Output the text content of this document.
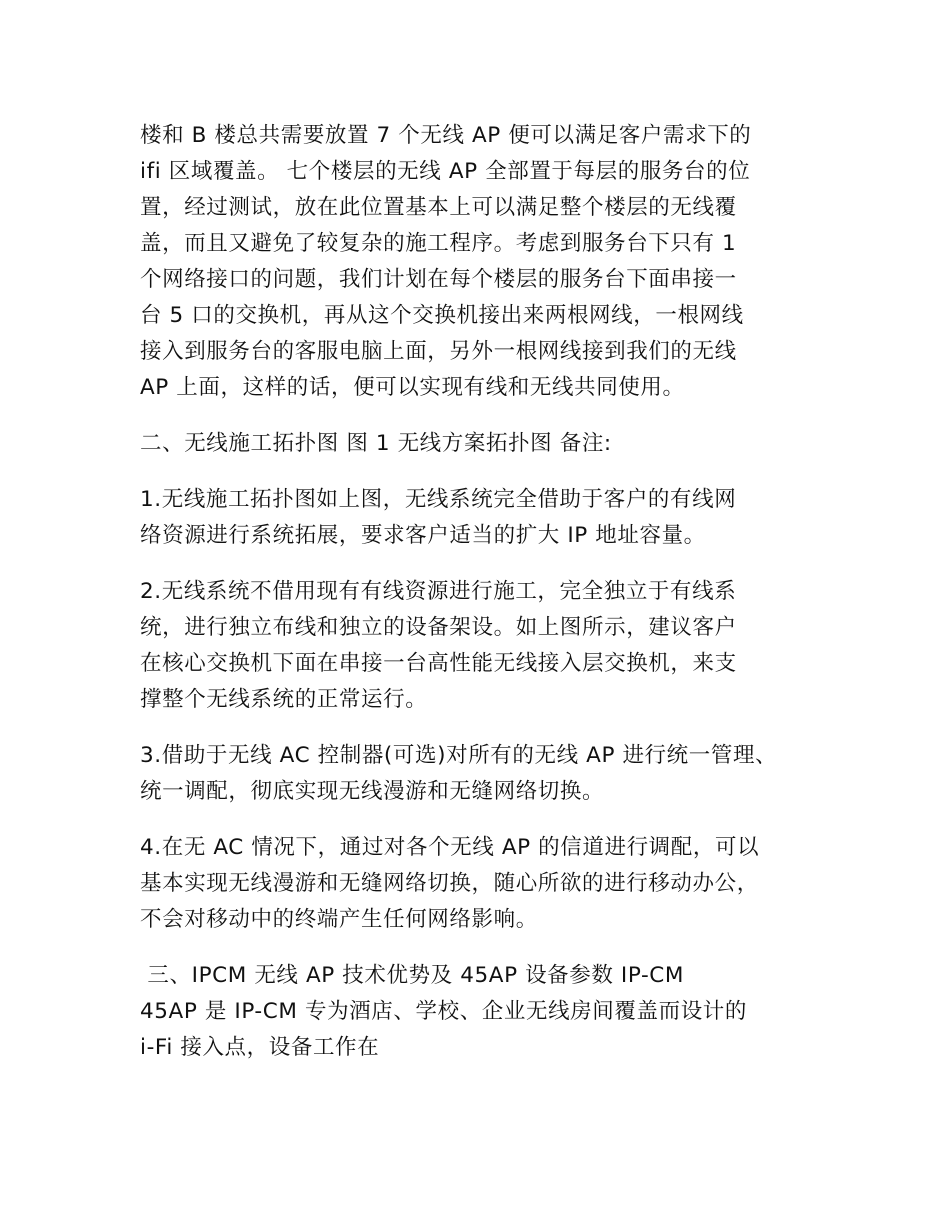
楼和 B 楼总共需要放置 7 个无线 AP 便可以满足客户需求下的
ifi 区域覆盖。 七个楼层的无线 AP 全部置于每层的服务台的位
置，经过测试，放在此位置基本上可以满足整个楼层的无线覆
盖，而且又避免了较复杂的施工程序。考虑到服务台下只有 1
个网络接口的问题，我们计划在每个楼层的服务台下面串接一
台 5 口的交换机，再从这个交换机接出来两根网线，一根网线
接入到服务台的客服电脑上面，另外一根网线接到我们的无线
AP 上面，这样的话，便可以实现有线和无线共同使用。

二、无线施工拓扑图 图 1 无线方案拓扑图 备注:

1.无线施工拓扑图如上图，无线系统完全借助于客户的有线网
络资源进行系统拓展，要求客户适当的扩大 IP 地址容量。

2.无线系统不借用现有有线资源进行施工，完全独立于有线系
统，进行独立布线和独立的设备架设。如上图所示，建议客户
在核心交换机下面在串接一台高性能无线接入层交换机，来支
撑整个无线系统的正常运行。

3.借助于无线 AC 控制器(可选)对所有的无线 AP 进行统一管理、
统一调配，彻底实现无线漫游和无缝网络切换。

4.在无 AC 情况下，通过对各个无线 AP 的信道进行调配，可以
基本实现无线漫游和无缝网络切换，随心所欲的进行移动办公，
不会对移动中的终端产生任何网络影响。

三、IPCM 无线 AP 技术优势及 45AP 设备参数 IP-CM
45AP 是 IP-CM 专为酒店、学校、企业无线房间覆盖而设计的
i-Fi 接入点，设备工作在
